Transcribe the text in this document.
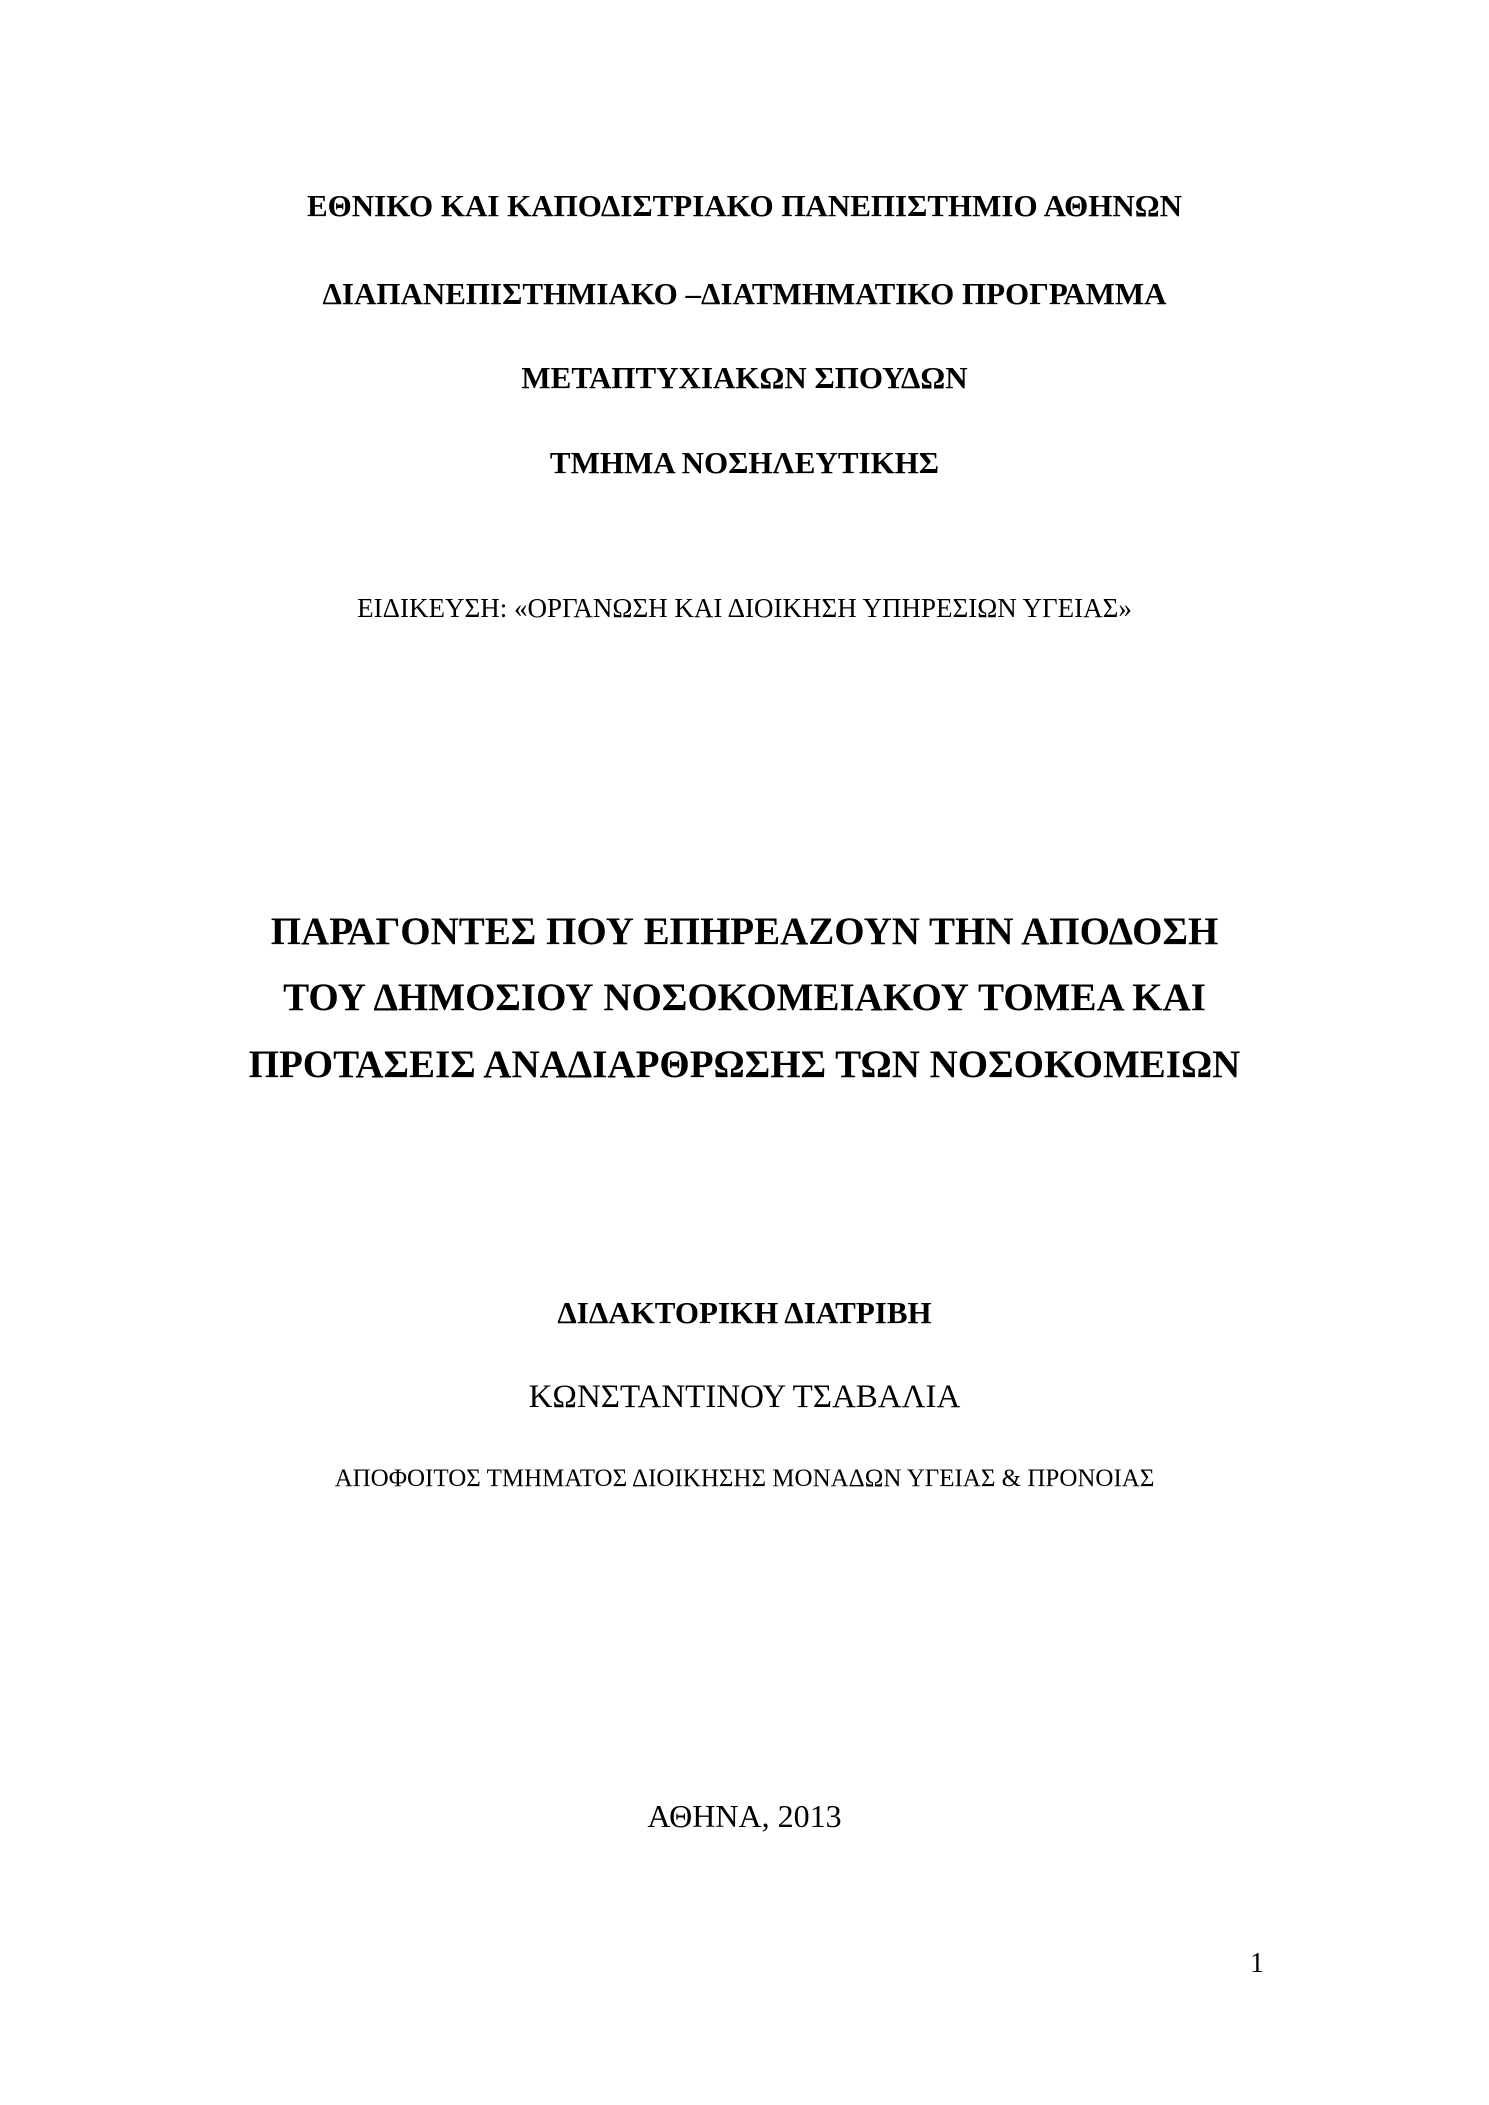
ΕΘΝΙΚΟ ΚΑΙ ΚΑΠΟΔΙΣΤΡΙΑΚΟ ΠΑΝΕΠΙΣΤΗΜΙΟ ΑΘΗΝΩΝ
ΔΙΑΠΑΝΕΠΙΣΤΗΜΙΑΚΟ –ΔΙΑΤΜΗΜΑΤΙΚΟ ΠΡΟΓΡΑΜΜΑ
ΜΕΤΑΠΤΥΧΙΑΚΩΝ ΣΠΟΥΔΩΝ
ΤΜΗΜΑ ΝΟΣΗΛΕΥΤΙΚΗΣ
ΕΙΔΙΚΕΥΣΗ: «ΟΡΓΑΝΩΣΗ ΚΑΙ ΔΙΟΙΚΗΣΗ ΥΠΗΡΕΣΙΩΝ ΥΓΕΙΑΣ»
ΠΑΡΑΓΟΝΤΕΣ ΠΟΥ ΕΠΗΡΕΑΖΟΥΝ ΤΗΝ ΑΠΟΔΟΣΗ
ΤΟΥ ΔΗΜΟΣΙΟΥ ΝΟΣΟΚΟΜΕΙΑΚΟΥ ΤΟΜΕΑ ΚΑΙ
ΠΡΟΤΑΣΕΙΣ ΑΝΑΔΙΑΡΘΡΩΣΗΣ ΤΩΝ ΝΟΣΟΚΟΜΕΙΩΝ
ΔΙΔΑΚΤΟΡΙΚΗ ΔΙΑΤΡΙΒΗ
ΚΩΝΣΤΑΝΤΙΝΟΥ ΤΣΑΒΑΛΙΑ
ΑΠΟΦΟΙΤΟΣ ΤΜΗΜΑΤΟΣ ΔΙΟΙΚΗΣΗΣ ΜΟΝΑΔΩΝ ΥΓΕΙΑΣ & ΠΡΟΝΟΙΑΣ
ΑΘΗΝΑ, 2013
1
